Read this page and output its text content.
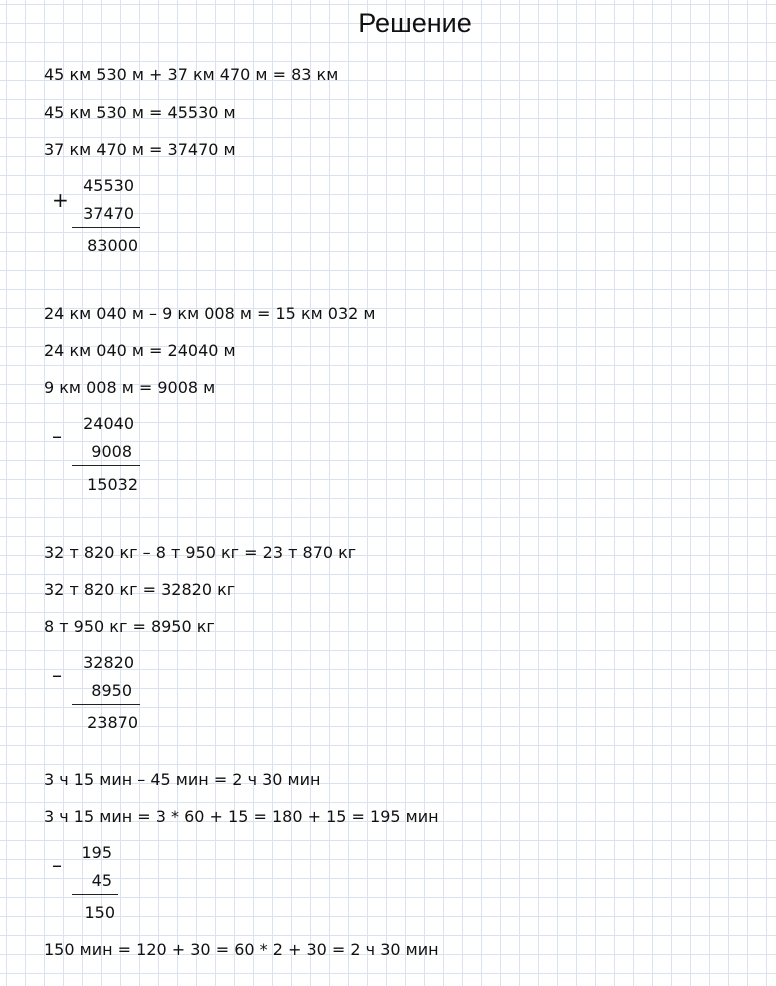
Решение
45 км 530 м + 37 км 470 м = 83 км
45 км 530 м = 45530 м
37 км 470 м = 37470 м
+
45530
37470
83000
24 км 040 м – 9 км 008 м = 15 км 032 м
24 км 040 м = 24040 м
9 км 008 м = 9008 м
–
24040
9008
15032
32 т 820 кг – 8 т 950 кг = 23 т 870 кг
32 т 820 кг = 32820 кг
8 т 950 кг = 8950 кг
–
32820
8950
23870
3 ч 15 мин – 45 мин = 2 ч 30 мин
3 ч 15 мин = 3 * 60 + 15 = 180 + 15 = 195 мин
–
195
45
150
150 мин = 120 + 30 = 60 * 2 + 30 = 2 ч 30 мин
